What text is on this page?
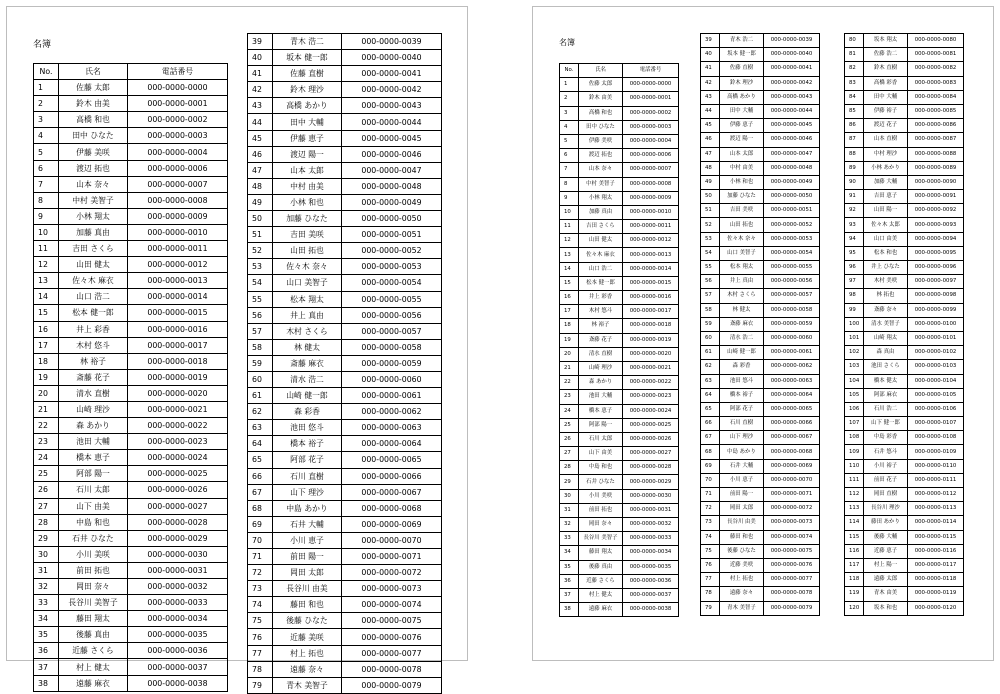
名簿
No.	氏名	電話番号
1	佐藤 太郎	000-0000-0000
2	鈴木 由美	000-0000-0001
3	高橋 和也	000-0000-0002
4	田中 ひなた	000-0000-0003
5	伊藤 美咲	000-0000-0004
6	渡辺 拓也	000-0000-0006
7	山本 奈々	000-0000-0007
8	中村 美智子	000-0000-0008
9	小林 翔太	000-0000-0009
10	加藤 真由	000-0000-0010
11	吉田 さくら	000-0000-0011
12	山田 健太	000-0000-0012
13	佐々木 麻衣	000-0000-0013
14	山口 浩二	000-0000-0014
15	松本 健一郎	000-0000-0015
16	井上 彩香	000-0000-0016
17	木村 悠斗	000-0000-0017
18	林 裕子	000-0000-0018
19	斎藤 花子	000-0000-0019
20	清水 直樹	000-0000-0020
21	山崎 理沙	000-0000-0021
22	森 あかり	000-0000-0022
23	池田 大輔	000-0000-0023
24	橋本 恵子	000-0000-0024
25	阿部 陽一	000-0000-0025
26	石川 太郎	000-0000-0026
27	山下 由美	000-0000-0027
28	中島 和也	000-0000-0028
29	石井 ひなた	000-0000-0029
30	小川 美咲	000-0000-0030
31	前田 拓也	000-0000-0031
32	岡田 奈々	000-0000-0032
33	長谷川 美智子	000-0000-0033
34	藤田 翔太	000-0000-0034
35	後藤 真由	000-0000-0035
36	近藤 さくら	000-0000-0036
37	村上 健太	000-0000-0037
38	遠藤 麻衣	000-0000-0038
39	青木 浩二	000-0000-0039
40	坂本 健一郎	000-0000-0040
41	佐藤 直樹	000-0000-0041
42	鈴木 理沙	000-0000-0042
43	高橋 あかり	000-0000-0043
44	田中 大輔	000-0000-0044
45	伊藤 恵子	000-0000-0045
46	渡辺 陽一	000-0000-0046
47	山本 太郎	000-0000-0047
48	中村 由美	000-0000-0048
49	小林 和也	000-0000-0049
50	加藤 ひなた	000-0000-0050
51	吉田 美咲	000-0000-0051
52	山田 拓也	000-0000-0052
53	佐々木 奈々	000-0000-0053
54	山口 美智子	000-0000-0054
55	松本 翔太	000-0000-0055
56	井上 真由	000-0000-0056
57	木村 さくら	000-0000-0057
58	林 健太	000-0000-0058
59	斎藤 麻衣	000-0000-0059
60	清水 浩二	000-0000-0060
61	山崎 健一郎	000-0000-0061
62	森 彩香	000-0000-0062
63	池田 悠斗	000-0000-0063
64	橋本 裕子	000-0000-0064
65	阿部 花子	000-0000-0065
66	石川 直樹	000-0000-0066
67	山下 理沙	000-0000-0067
68	中島 あかり	000-0000-0068
69	石井 大輔	000-0000-0069
70	小川 恵子	000-0000-0070
71	前田 陽一	000-0000-0071
72	岡田 太郎	000-0000-0072
73	長谷川 由美	000-0000-0073
74	藤田 和也	000-0000-0074
75	後藤 ひなた	000-0000-0075
76	近藤 美咲	000-0000-0076
77	村上 拓也	000-0000-0077
78	遠藤 奈々	000-0000-0078
79	青木 美智子	000-0000-0079
名簿
No.	氏名	電話番号
1	佐藤 太郎	000-0000-0000
2	鈴木 由美	000-0000-0001
3	高橋 和也	000-0000-0002
4	田中 ひなた	000-0000-0003
5	伊藤 美咲	000-0000-0004
6	渡辺 拓也	000-0000-0006
7	山本 奈々	000-0000-0007
8	中村 美智子	000-0000-0008
9	小林 翔太	000-0000-0009
10	加藤 真由	000-0000-0010
11	吉田 さくら	000-0000-0011
12	山田 健太	000-0000-0012
13	佐々木 麻衣	000-0000-0013
14	山口 浩二	000-0000-0014
15	松本 健一郎	000-0000-0015
16	井上 彩香	000-0000-0016
17	木村 悠斗	000-0000-0017
18	林 裕子	000-0000-0018
19	斎藤 花子	000-0000-0019
20	清水 直樹	000-0000-0020
21	山崎 理沙	000-0000-0021
22	森 あかり	000-0000-0022
23	池田 大輔	000-0000-0023
24	橋本 恵子	000-0000-0024
25	阿部 陽一	000-0000-0025
26	石川 太郎	000-0000-0026
27	山下 由美	000-0000-0027
28	中島 和也	000-0000-0028
29	石井 ひなた	000-0000-0029
30	小川 美咲	000-0000-0030
31	前田 拓也	000-0000-0031
32	岡田 奈々	000-0000-0032
33	長谷川 美智子	000-0000-0033
34	藤田 翔太	000-0000-0034
35	後藤 真由	000-0000-0035
36	近藤 さくら	000-0000-0036
37	村上 健太	000-0000-0037
38	遠藤 麻衣	000-0000-0038
39	青木 浩二	000-0000-0039
40	坂本 健一郎	000-0000-0040
41	佐藤 直樹	000-0000-0041
42	鈴木 理沙	000-0000-0042
43	高橋 あかり	000-0000-0043
44	田中 大輔	000-0000-0044
45	伊藤 恵子	000-0000-0045
46	渡辺 陽一	000-0000-0046
47	山本 太郎	000-0000-0047
48	中村 由美	000-0000-0048
49	小林 和也	000-0000-0049
50	加藤 ひなた	000-0000-0050
51	吉田 美咲	000-0000-0051
52	山田 拓也	000-0000-0052
53	佐々木 奈々	000-0000-0053
54	山口 美智子	000-0000-0054
55	松本 翔太	000-0000-0055
56	井上 真由	000-0000-0056
57	木村 さくら	000-0000-0057
58	林 健太	000-0000-0058
59	斎藤 麻衣	000-0000-0059
60	清水 浩二	000-0000-0060
61	山崎 健一郎	000-0000-0061
62	森 彩香	000-0000-0062
63	池田 悠斗	000-0000-0063
64	橋本 裕子	000-0000-0064
65	阿部 花子	000-0000-0065
66	石川 直樹	000-0000-0066
67	山下 理沙	000-0000-0067
68	中島 あかり	000-0000-0068
69	石井 大輔	000-0000-0069
70	小川 恵子	000-0000-0070
71	前田 陽一	000-0000-0071
72	岡田 太郎	000-0000-0072
73	長谷川 由美	000-0000-0073
74	藤田 和也	000-0000-0074
75	後藤 ひなた	000-0000-0075
76	近藤 美咲	000-0000-0076
77	村上 拓也	000-0000-0077
78	遠藤 奈々	000-0000-0078
79	青木 美智子	000-0000-0079
80	坂本 翔太	000-0000-0080
81	佐藤 浩二	000-0000-0081
82	鈴木 直樹	000-0000-0082
83	高橋 彩香	000-0000-0083
84	田中 大輔	000-0000-0084
85	伊藤 裕子	000-0000-0085
86	渡辺 花子	000-0000-0086
87	山本 直樹	000-0000-0087
88	中村 理沙	000-0000-0088
89	小林 あかり	000-0000-0089
90	加藤 大輔	000-0000-0090
91	吉田 恵子	000-0000-0091
92	山田 陽一	000-0000-0092
93	佐々木 太郎	000-0000-0093
94	山口 由美	000-0000-0094
95	松本 和也	000-0000-0095
96	井上 ひなた	000-0000-0096
97	木村 美咲	000-0000-0097
98	林 拓也	000-0000-0098
99	斎藤 奈々	000-0000-0099
100	清水 美智子	000-0000-0100
101	山崎 翔太	000-0000-0101
102	森 真由	000-0000-0102
103	池田 さくら	000-0000-0103
104	橋本 健太	000-0000-0104
105	阿部 麻衣	000-0000-0105
106	石川 浩二	000-0000-0106
107	山下 健一郎	000-0000-0107
108	中島 彩香	000-0000-0108
109	石井 悠斗	000-0000-0109
110	小川 裕子	000-0000-0110
111	前田 花子	000-0000-0111
112	岡田 直樹	000-0000-0112
113	長谷川 理沙	000-0000-0113
114	藤田 あかり	000-0000-0114
115	後藤 大輔	000-0000-0115
116	近藤 恵子	000-0000-0116
117	村上 陽一	000-0000-0117
118	遠藤 太郎	000-0000-0118
119	青木 由美	000-0000-0119
120	坂本 和也	000-0000-0120
